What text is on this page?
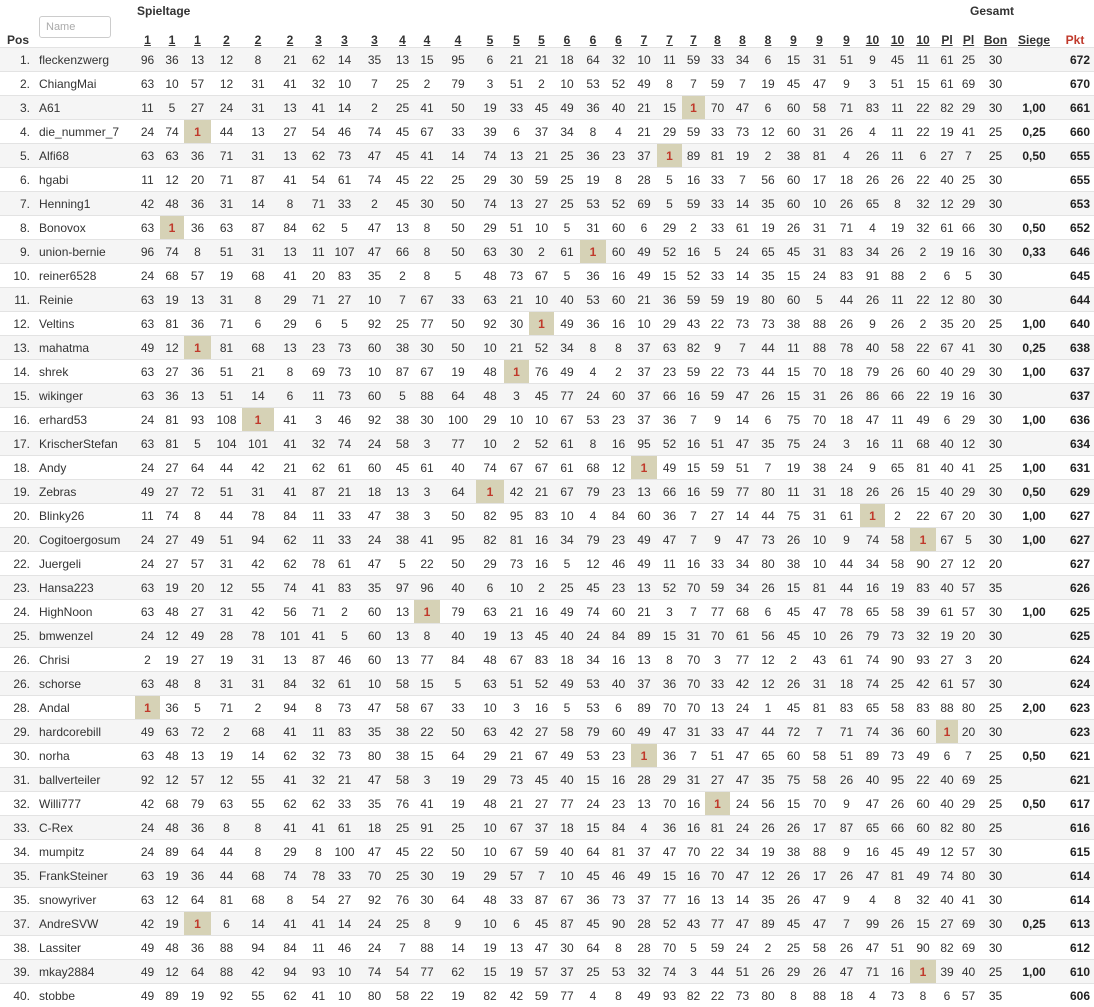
Spieltage	Gesamt
Pos		1	1	1	2	2	2	3	3	3	4	4	4	5	5	5	6	6	6	7	7	7	8	8	8	9	9	9	10	10	10	Pl	Pl	Bon	Siege	Pkt
1.	fleckenzwerg	96	36	13	12	8	21	62	14	35	13	15	95	6	21	21	18	64	32	10	11	59	33	34	6	15	31	51	9	45	11	61	25	30		672
2.	ChiangMai	63	10	57	12	31	41	32	10	7	25	2	79	3	51	2	10	53	52	49	8	7	59	7	19	45	47	9	3	51	15	61	69	30		670
3.	A61	11	5	27	24	31	13	41	14	2	25	41	50	19	33	45	49	36	40	21	15	1	70	47	6	60	58	71	83	11	22	82	29	30	1,00	661
4.	die_nummer_7	24	74	1	44	13	27	54	46	74	45	67	33	39	6	37	34	8	4	21	29	59	33	73	12	60	31	26	4	11	22	19	41	25	0,25	660
5.	Alfi68	63	63	36	71	31	13	62	73	47	45	41	14	74	13	21	25	36	23	37	1	89	81	19	2	38	81	4	26	11	6	27	7	25	0,50	655
6.	hgabi	11	12	20	71	87	41	54	61	74	45	22	25	29	30	59	25	19	8	28	5	16	33	7	56	60	17	18	26	26	22	40	25	30		655
7.	Henning1	42	48	36	31	14	8	71	33	2	45	30	50	74	13	27	25	53	52	69	5	59	33	14	35	60	10	26	65	8	32	12	29	30		653
8.	Bonovox	63	1	36	63	87	84	62	5	47	13	8	50	29	51	10	5	31	60	6	29	2	33	61	19	26	31	71	4	19	32	61	66	30	0,50	652
9.	union-bernie	96	74	8	51	31	13	11	107	47	66	8	50	63	30	2	61	1	60	49	52	16	5	24	65	45	31	83	34	26	2	19	16	30	0,33	646
10.	reiner6528	24	68	57	19	68	41	20	83	35	2	8	5	48	73	67	5	36	16	49	15	52	33	14	35	15	24	83	91	88	2	6	5	30		645
11.	Reinie	63	19	13	31	8	29	71	27	10	7	67	33	63	21	10	40	53	60	21	36	59	59	19	80	60	5	44	26	11	22	12	80	30		644
12.	Veltins	63	81	36	71	6	29	6	5	92	25	77	50	92	30	1	49	36	16	10	29	43	22	73	73	38	88	26	9	26	2	35	20	25	1,00	640
13.	mahatma	49	12	1	81	68	13	23	73	60	38	30	50	10	21	52	34	8	8	37	63	82	9	7	44	11	88	78	40	58	22	67	41	30	0,25	638
14.	shrek	63	27	36	51	21	8	69	73	10	87	67	19	48	1	76	49	4	2	37	23	59	22	73	44	15	70	18	79	26	60	40	29	30	1,00	637
15.	wikinger	63	36	13	51	14	6	11	73	60	5	88	64	48	3	45	77	24	60	37	66	16	59	47	26	15	31	26	86	66	22	19	16	30		637
16.	erhard53	24	81	93	108	1	41	3	46	92	38	30	100	29	10	10	67	53	23	37	36	7	9	14	6	75	70	18	47	11	49	6	29	30	1,00	636
17.	KrischerStefan	63	81	5	104	101	41	32	74	24	58	3	77	10	2	52	61	8	16	95	52	16	51	47	35	75	24	3	16	11	68	40	12	30		634
18.	Andy	24	27	64	44	42	21	62	61	60	45	61	40	74	67	67	61	68	12	1	49	15	59	51	7	19	38	24	9	65	81	40	41	25	1,00	631
19.	Zebras	49	27	72	51	31	41	87	21	18	13	3	64	1	42	21	67	79	23	13	66	16	59	77	80	11	31	18	26	26	15	40	29	30	0,50	629
20.	Blinky26	11	74	8	44	78	84	11	33	47	38	3	50	82	95	83	10	4	84	60	36	7	27	14	44	75	31	61	1	2	22	67	20	30	1,00	627
20.	Cogitoergosum	24	27	49	51	94	62	11	33	24	38	41	95	82	81	16	34	79	23	49	47	7	9	47	73	26	10	9	74	58	1	67	5	30	1,00	627
22.	Juergeli	24	27	57	31	42	62	78	61	47	5	22	50	29	73	16	5	12	46	49	11	16	33	34	80	38	10	44	34	58	90	27	12	20		627
23.	Hansa223	63	19	20	12	55	74	41	83	35	97	96	40	6	10	2	25	45	23	13	52	70	59	34	26	15	81	44	16	19	83	40	57	35		626
24.	HighNoon	63	48	27	31	42	56	71	2	60	13	1	79	63	21	16	49	74	60	21	3	7	77	68	6	45	47	78	65	58	39	61	57	30	1,00	625
25.	bmwenzel	24	12	49	28	78	101	41	5	60	13	8	40	19	13	45	40	24	84	89	15	31	70	61	56	45	10	26	79	73	32	19	20	30		625
26.	Chrisi	2	19	27	19	31	13	87	46	60	13	77	84	48	67	83	18	34	16	13	8	70	3	77	12	2	43	61	74	90	93	27	3	20		624
26.	schorse	63	48	8	31	31	84	32	61	10	58	15	5	63	51	52	49	53	40	37	36	70	33	42	12	26	31	18	74	25	42	61	57	30		624
28.	Andal	1	36	5	71	2	94	8	73	47	58	67	33	10	3	16	5	53	6	89	70	70	13	24	1	45	81	83	65	58	83	88	80	25	2,00	623
29.	hardcorebill	49	63	72	2	68	41	11	83	35	38	22	50	63	42	27	58	79	60	49	47	31	33	47	44	72	7	71	74	36	60	1	20	30		623
30.	norha	63	48	13	19	14	62	32	73	80	38	15	64	29	21	67	49	53	23	1	36	7	51	47	65	60	58	51	89	73	49	6	7	25	0,50	621
31.	ballverteiler	92	12	57	12	55	41	32	21	47	58	3	19	29	73	45	40	15	16	28	29	31	27	47	35	75	58	26	40	95	22	40	69	25		621
32.	Willi777	42	68	79	63	55	62	62	33	35	76	41	19	48	21	27	77	24	23	13	70	16	1	24	56	15	70	9	47	26	60	40	29	25	0,50	617
33.	C-Rex	24	48	36	8	8	41	41	61	18	25	91	25	10	67	37	18	15	84	4	36	16	81	24	26	26	17	87	65	66	60	82	80	25		616
34.	mumpitz	24	89	64	44	8	29	8	100	47	45	22	50	10	67	59	40	64	81	37	47	70	22	34	19	38	88	9	16	45	49	12	57	30		615
35.	FrankSteiner	63	19	36	44	68	74	78	33	70	25	30	19	29	57	7	10	45	46	49	15	16	70	47	12	26	17	26	47	81	49	74	80	30		614
35.	snowyriver	63	12	64	81	68	8	54	27	92	76	30	64	48	33	87	67	36	73	37	77	16	13	14	35	26	47	9	4	8	32	40	41	30		614
37.	AndreSVW	42	19	1	6	14	41	41	14	24	25	8	9	10	6	45	87	45	90	28	52	43	77	47	89	45	47	7	99	26	15	27	69	30	0,25	613
38.	Lassiter	49	48	36	88	94	84	11	46	24	7	88	14	19	13	47	30	64	8	28	70	5	59	24	2	25	58	26	47	51	90	82	69	30		612
39.	mkay2884	49	12	64	88	42	94	93	10	74	54	77	62	15	19	57	37	25	53	32	74	3	44	51	26	29	26	47	71	16	1	39	40	25	1,00	610
40.	stobbe	49	89	19	92	55	62	41	10	80	58	22	19	82	42	59	77	4	8	49	93	82	22	73	80	8	88	18	4	73	8	6	57	35		606
Name
